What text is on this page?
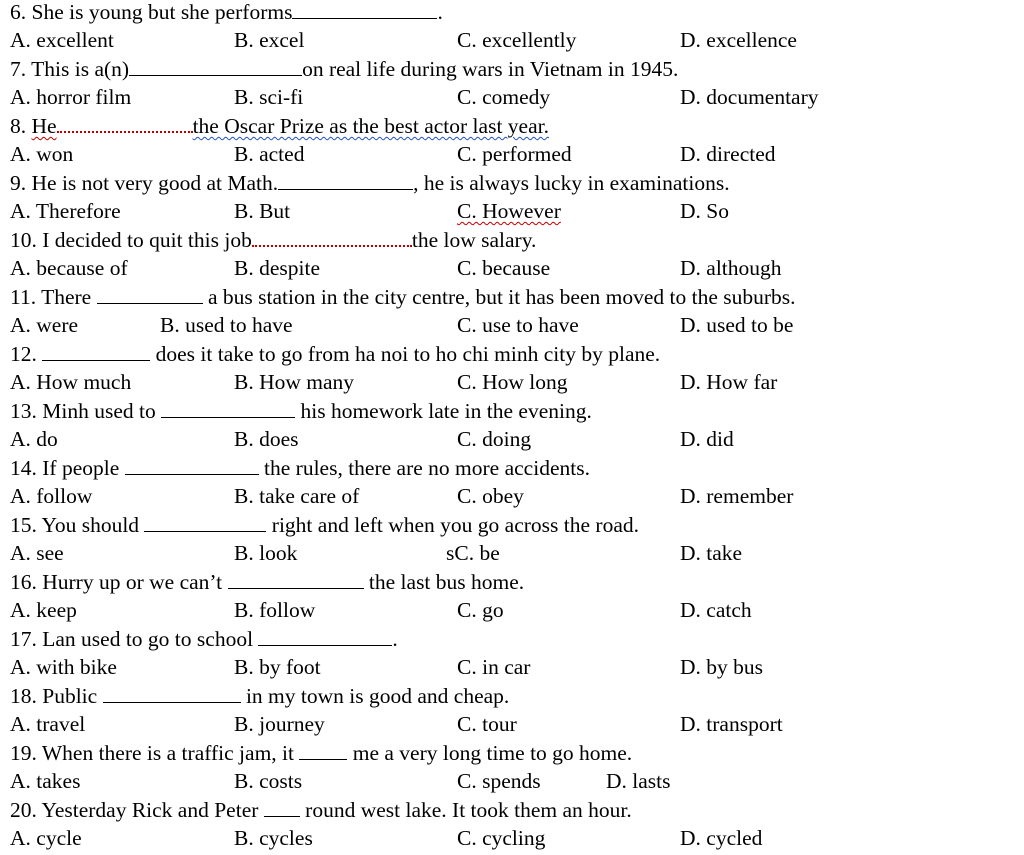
6. She is young but she performs	.
A. excellent	B. excel	C. excellently	D. excellence
7. This is a(n)	on real life during wars in Vietnam in 1945.
A. horror film	B. sci-fi	C. comedy	D. documentary
8. He	the Oscar Prize as the best actor last year.
A. won	B. acted	C. performed	D. directed
9. He is not very good at Math.	, he is always lucky in examinations.
A. Therefore	B. But	C. However	D. So
10. I decided to quit this job	the low salary.
A. because of	B. despite	C. because	D. although
11. There	a bus station in the city centre, but it has been moved to the suburbs.
A. were	B. used to have	C. use to have	D. used to be
12.	does it take to go from ha noi to ho chi minh city by plane.
A. How much	B. How many	C. How long	D. How far
13. Minh used to	his homework late in the evening.
A. do	B. does	C. doing	D. did
14. If people	the rules, there are no more accidents.
A. follow	B. take care of	C. obey	D. remember
15. You should	right and left when you go across the road.
A. see	B. look	sC. be	D. take
16. Hurry up or we can’t	the last bus home.
A. keep	B. follow	C. go	D. catch
17. Lan used to go to school	.
A. with bike	B. by foot	C. in car	D. by bus
18. Public	in my town is good and cheap.
A. travel	B. journey	C. tour	D. transport
19. When there is a traffic jam, it	me a very long time to go home.
A. takes	B. costs	C. spends	D. lasts
20. Yesterday Rick and Peter round west lake. It took them an hour.
A. cycle	B. cycles	C. cycling	D. cycled
